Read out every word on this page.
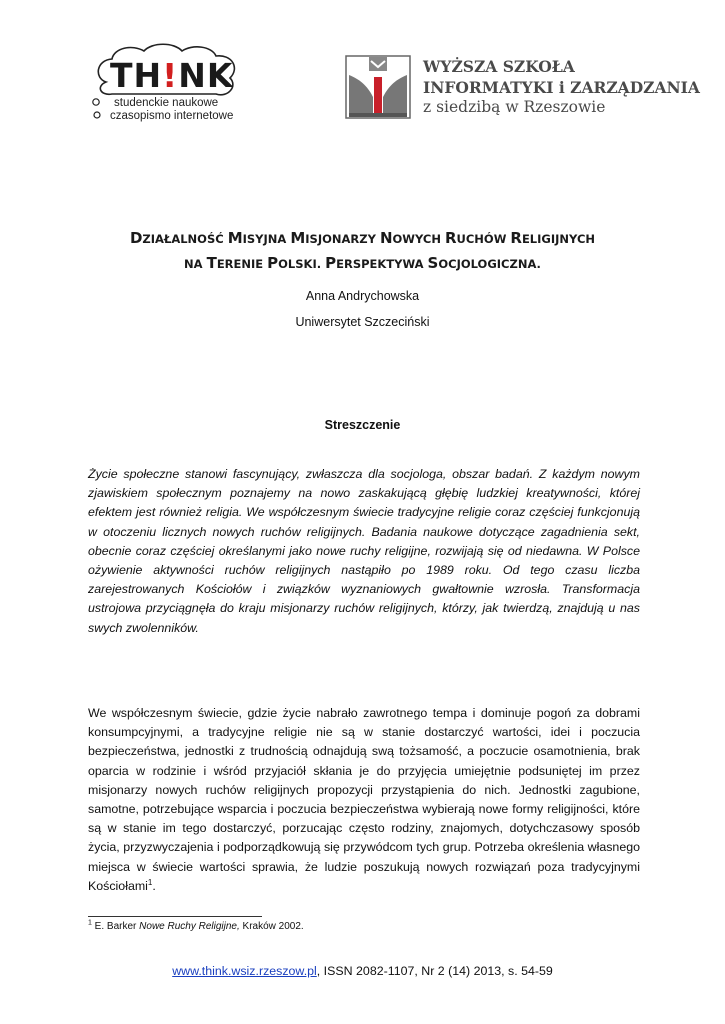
TH!NK
studenckie naukowe
czasopismo internetowe
WYŻSZA SZKOŁA
INFORMATYKI i ZARZĄDZANIA
z siedzibą w Rzeszowie
DZIAŁALNOŚĆ MISYJNA MISJONARZY NOWYCH RUCHÓW RELIGIJNYCH
NA TERENIE POLSKI. PERSPEKTYWA SOCJOLOGICZNA.
Anna Andrychowska
Uniwersytet Szczeciński
Streszczenie

Życie społeczne stanowi fascynujący, zwłaszcza dla socjologa, obszar badań. Z każdym nowym zjawiskiem społecznym poznajemy na nowo zaskakującą głębię ludzkiej kreatywności, której efektem jest również religia. We współczesnym świecie tradycyjne religie coraz częściej funkcjonują w otoczeniu licznych nowych ruchów religijnych. Badania naukowe dotyczące zagadnienia sekt, obecnie coraz częściej określanymi jako nowe ruchy religijne, rozwijają się od niedawna. W Polsce ożywienie aktywności ruchów religijnych nastąpiło po 1989 roku. Od tego czasu liczba zarejestrowanych Kościołów i związków wyznaniowych gwałtownie wzrosła. Transformacja ustrojowa przyciągnęła do kraju misjonarzy ruchów religijnych, którzy, jak twierdzą, znajdują u nas swych zwolenników.

We współczesnym świecie, gdzie życie nabrało zawrotnego tempa i dominuje pogoń za dobrami konsumpcyjnymi, a tradycyjne religie nie są w stanie dostarczyć wartości, idei i poczucia bezpieczeństwa, jednostki z trudnością odnajdują swą tożsamość, a poczucie osamotnienia, brak oparcia w rodzinie i wśród przyjaciół skłania je do przyjęcia umiejętnie podsuniętej im przez misjonarzy nowych ruchów religijnych propozycji przystąpienia do nich. Jednostki zagubione, samotne, potrzebujące wsparcia i poczucia bezpieczeństwa wybierają nowe formy religijności, które są w stanie im tego dostarczyć, porzucając często rodziny, znajomych, dotychczasowy sposób życia, przyzwyczajenia i podporządkowują się przywódcom tych grup. Potrzeba określenia własnego miejsca w świecie wartości sprawia, że ludzie poszukują nowych rozwiązań poza tradycyjnymi Kościołami$^1$.

$^1$ E. Barker Nowe Ruchy Religijne, Kraków 2002.
www.think.wsiz.rzeszow.pl, ISSN 2082-1107, Nr 2 (14) 2013, s. 54-59
